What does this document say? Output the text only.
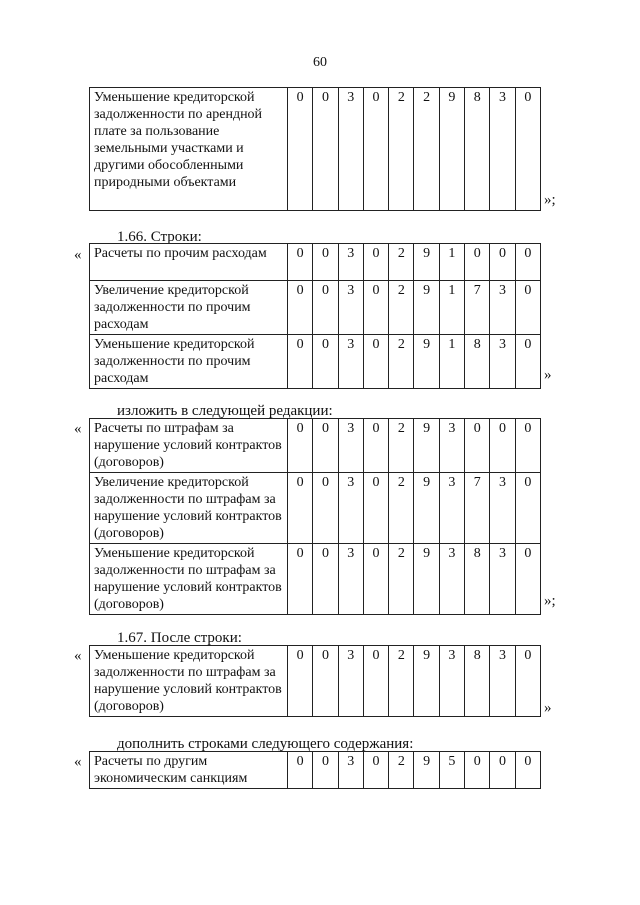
60
Уменьшение кредиторской задолженности по арендной плате за пользование земельными участками и другими обособленными природными объектами	0	0	3	0	2	2	9	8	3	0
»;
1.66. Строки:
« Расчеты по прочим расходам	0	0	3	0	2	9	1	0	0	0
Увеличение кредиторской задолженности по прочим расходам	0	0	3	0	2	9	1	7	3	0
Уменьшение кредиторской задолженности по прочим расходам	0	0	3	0	2	9	1	8	3	0
»
изложить в следующей редакции:
« Расчеты по штрафам за нарушение условий контрактов (договоров)	0	0	3	0	2	9	3	0	0	0
Увеличение кредиторской задолженности по штрафам за нарушение условий контрактов (договоров)	0	0	3	0	2	9	3	7	3	0
Уменьшение кредиторской задолженности по штрафам за нарушение условий контрактов (договоров)	0	0	3	0	2	9	3	8	3	0
»;
1.67. После строки:
« Уменьшение кредиторской задолженности по штрафам за нарушение условий контрактов (договоров)	0	0	3	0	2	9	3	8	3	0
»
дополнить строками следующего содержания:
« Расчеты по другим экономическим санкциям	0	0	3	0	2	9	5	0	0	0
